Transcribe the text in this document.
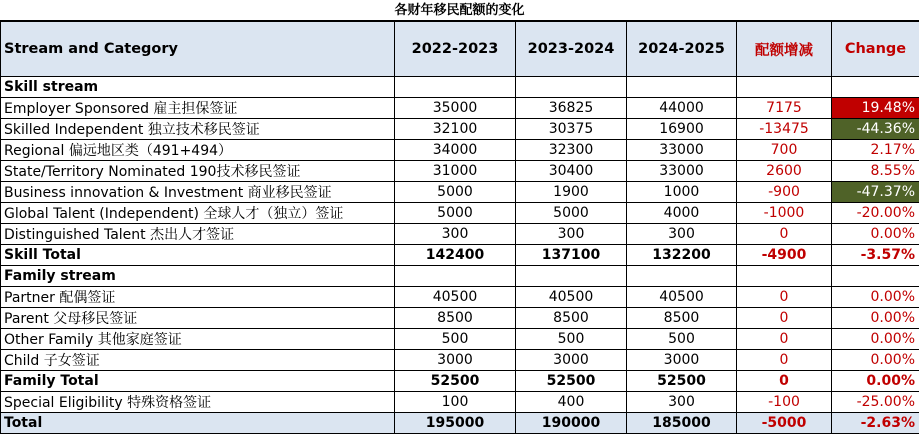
各财年移民配额的变化
Stream and Category	2022-2023	2023-2024	2024-2025	配额增减	Change
Skill stream					
Employer Sponsored 雇主担保签证	35000	36825	44000	7175	19.48%
Skilled Independent 独立技术移民签证	32100	30375	16900	-13475	-44.36%
Regional 偏远地区类（491+494）	34000	32300	33000	700	2.17%
State/Territory Nominated 190技术移民签证	31000	30400	33000	2600	8.55%
Business innovation & Investment 商业移民签证	5000	1900	1000	-900	-47.37%
Global Talent (Independent) 全球人才（独立）签证	5000	5000	4000	-1000	-20.00%
Distinguished Talent 杰出人才签证	300	300	300	0	0.00%
Skill Total	142400	137100	132200	-4900	-3.57%
Family stream					
Partner 配偶签证	40500	40500	40500	0	0.00%
Parent 父母移民签证	8500	8500	8500	0	0.00%
Other Family 其他家庭签证	500	500	500	0	0.00%
Child 子女签证	3000	3000	3000	0	0.00%
Family Total	52500	52500	52500	0	0.00%
Special Eligibility 特殊资格签证	100	400	300	-100	-25.00%
Total	195000	190000	185000	-5000	-2.63%
